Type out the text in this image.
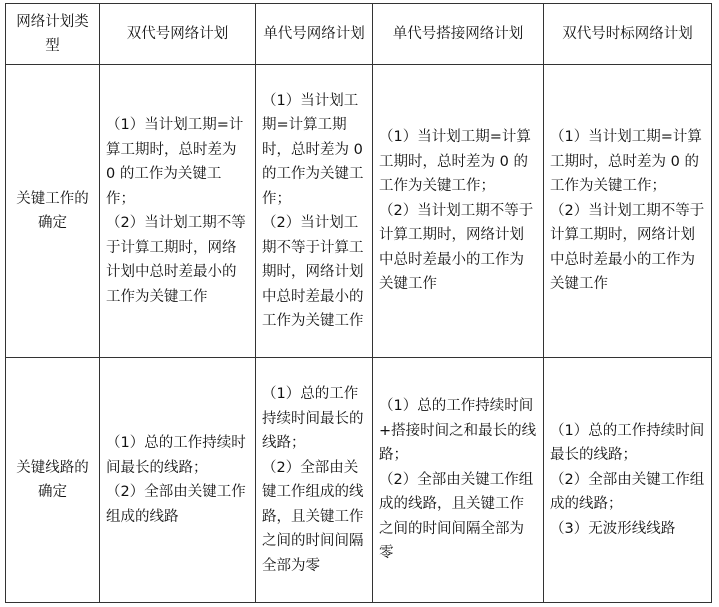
网络计划类型	双代号网络计划	单代号网络计划	单代号搭接网络计划	双代号时标网络计划
关键工作的确定	（1）当计划工期=计算工期时，总时差为 0 的工作为关键工作；
（2）当计划工期不等于计算工期时，网络计划中总时差最小的工作为关键工作	（1）当计划工期=计算工期时，总时差为 0 的工作为关键工作；
（2）当计划工期不等于计算工期时，网络计划中总时差最小的工作为关键工作	（1）当计划工期=计算工期时，总时差为 0 的工作为关键工作；
（2）当计划工期不等于计算工期时，网络计划中总时差最小的工作为关键工作	（1）当计划工期=计算工期时，总时差为 0 的工作为关键工作；
（2）当计划工期不等于计算工期时，网络计划中总时差最小的工作为关键工作

关键线路的确定	（1）总的工作持续时间最长的线路；
（2）全部由关键工作组成的线路	（1）总的工作持续时间最长的线路；
（2）全部由关键工作组成的线路，且关键工作之间的时间间隔全部为零	（1）总的工作持续时间+搭接时间之和最长的线路；
（2）全部由关键工作组成的线路，且关键工作之间的时间间隔全部为零	（1）总的工作持续时间最长的线路；
（2）全部由关键工作组成的线路；
（3）无波形线线路
